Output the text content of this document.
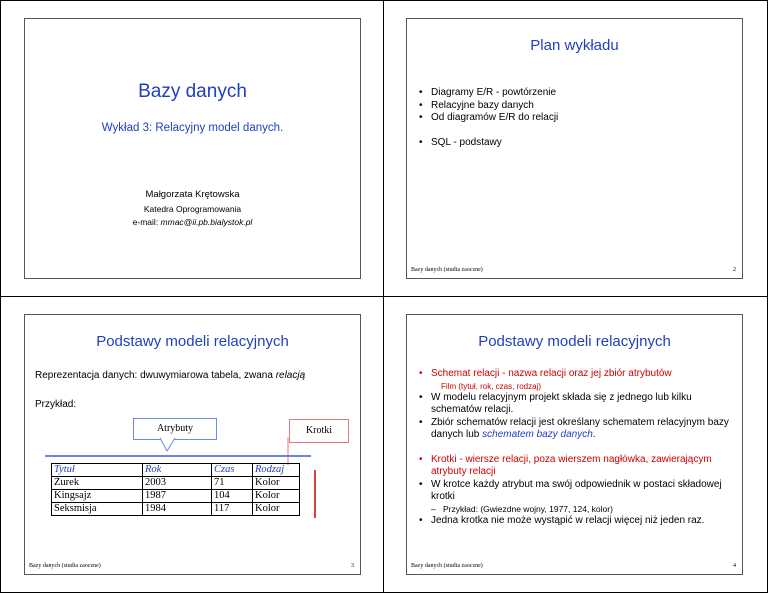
Bazy danych
Wykład 3: Relacyjny model danych.
Małgorzata Krętowska
Katedra Oprogramowania
e-mail: mmac@ii.pb.bialystok.pl
Plan wykładu
• Diagramy E/R - powtórzenie
• Relacyjne bazy danych
• Od diagramów E/R do relacji
• SQL - podstawy
Bazy danych (studia zaoczne)	2
Podstawy modeli relacyjnych
Reprezentacja danych: dwuwymiarowa tabela, zwana relacją
Przykład:
Atrybuty	Krotki
Tytuł	Rok	Czas	Rodzaj
Żurek	2003	71	Kolor
Kingsajz	1987	104	Kolor
Seksmisja	1984	117	Kolor
Bazy danych (studia zaoczne)	3
Podstawy modeli relacyjnych
• Schemat relacji - nazwa relacji oraz jej zbiór atrybutów
Film (tytuł, rok, czas, rodzaj)
• W modelu relacyjnym projekt składa się z jednego lub kilku schematów relacji.
• Zbiór schematów relacji jest określany schematem relacyjnym bazy danych lub schematem bazy danych.
• Krotki - wiersze relacji, poza wierszem nagłówka, zawierającym atrybuty relacji
• W krotce każdy atrybut ma swój odpowiednik w postaci składowej krotki
– Przykład: (Gwiezdne wojny, 1977, 124, kolor)
• Jedna krotka nie może wystąpić w relacji więcej niż jeden raz.
Bazy danych (studia zaoczne)	4
